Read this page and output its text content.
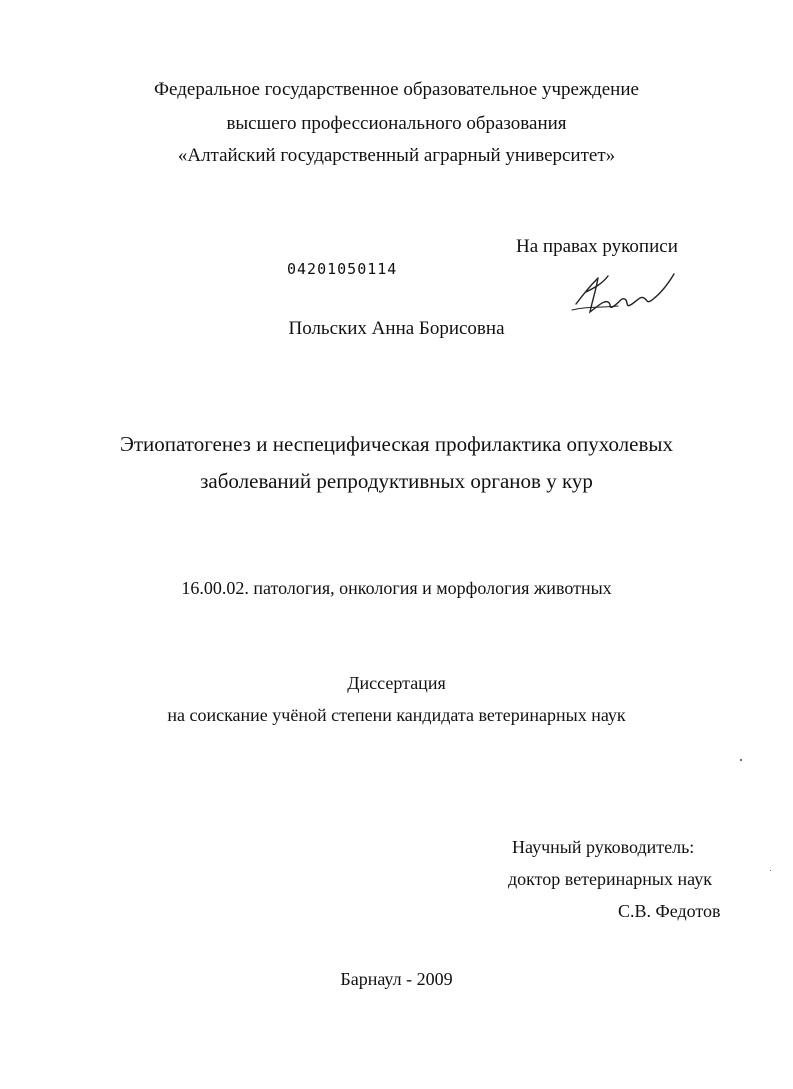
Федеральное государственное образовательное учреждение
высшего профессионального образования
«Алтайский государственный аграрный университет»
На правах рукописи
04201050114
Польских Анна Борисовна
Этиопатогенез и неспецифическая профилактика опухолевых
заболеваний репродуктивных органов у кур
16.00.02. патология, онкология и морфология животных
Диссертация
на соискание учёной степени кандидата ветеринарных наук
Научный руководитель:
доктор ветеринарных наук
С.В. Федотов
Барнаул - 2009
